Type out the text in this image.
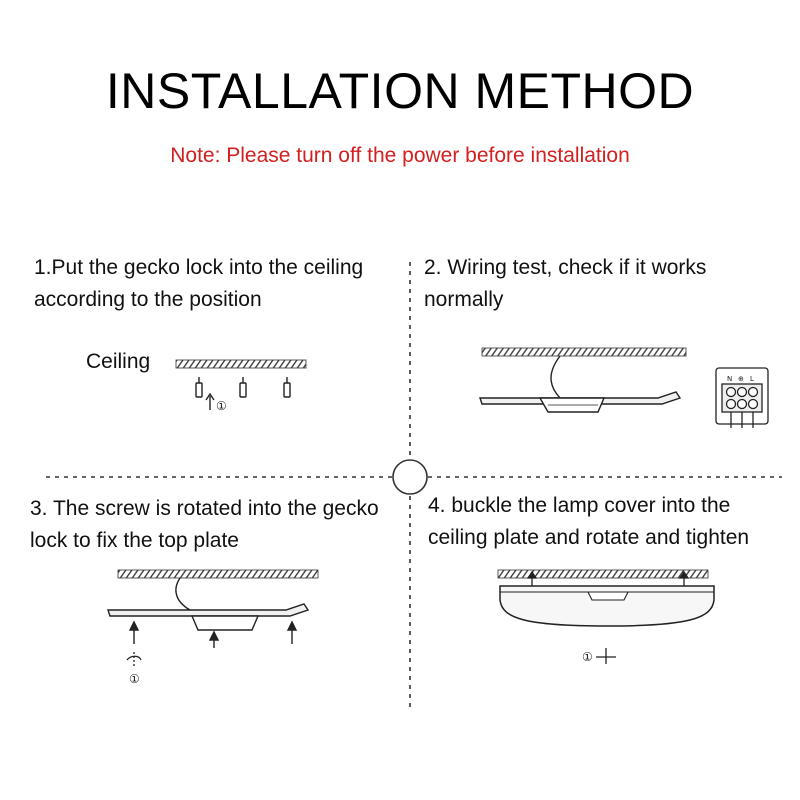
INSTALLATION METHOD
Note: Please turn off the power before installation
1.Put the gecko lock into the ceiling according to the position
2. Wiring test, check if it works normally
3. The screw is rotated into the gecko lock to fix the top plate
4. buckle the lamp cover into the ceiling plate and rotate and tighten
Ceiling
①
N ⊕ L
①
①
